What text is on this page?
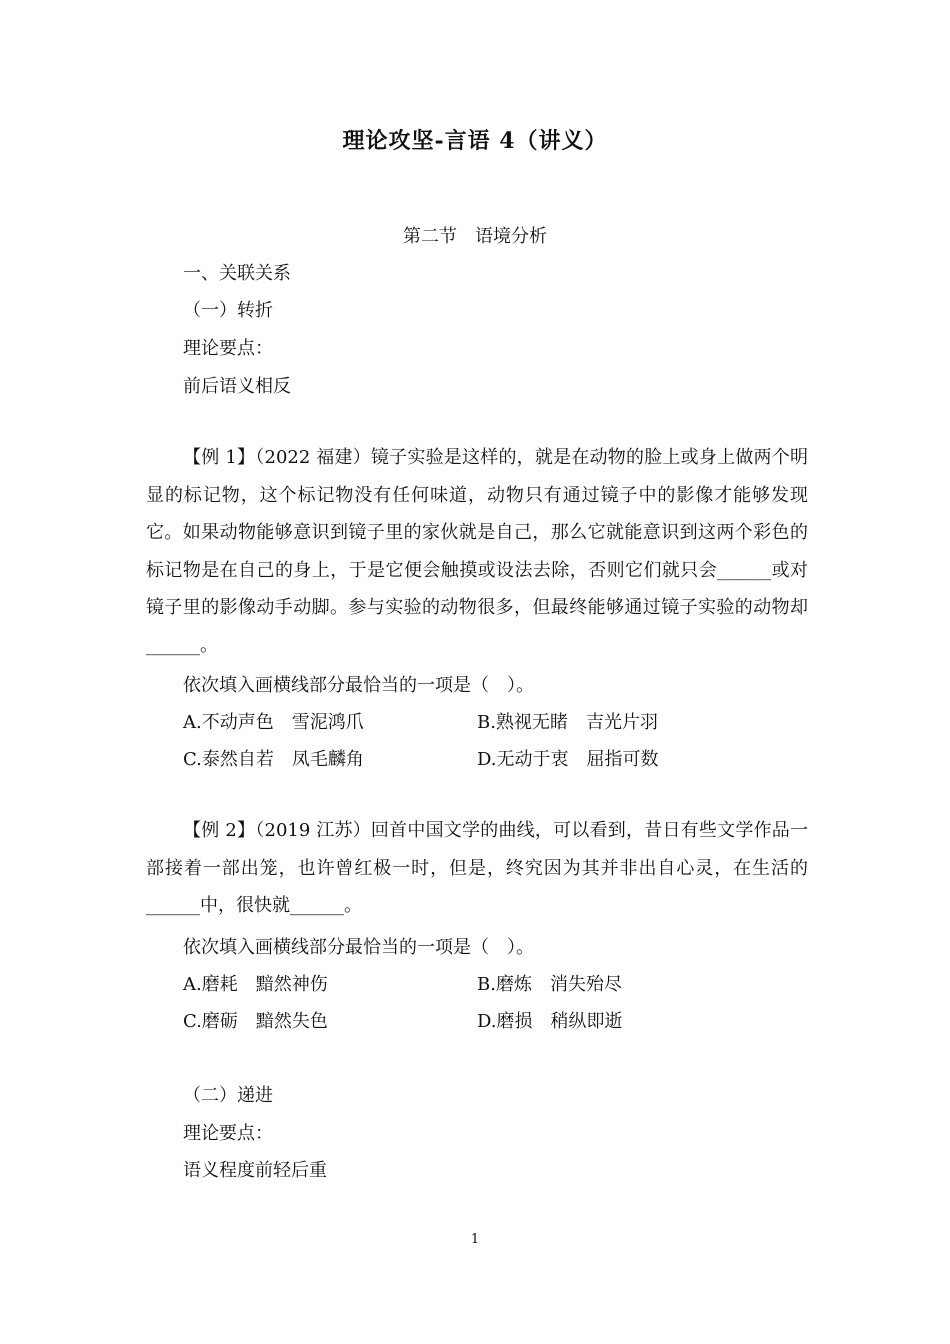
理论攻坚-言语 4（讲义）
第二节　语境分析
一、关联关系
（一）转折
理论要点：
前后语义相反
【例 1】（2022 福建）镜子实验是这样的，就是在动物的脸上或身上做两个明显的标记物，这个标记物没有任何味道，动物只有通过镜子中的影像才能够发现它。如果动物能够意识到镜子里的家伙就是自己，那么它就能意识到这两个彩色的标记物是在自己的身上，于是它便会触摸或设法去除，否则它们就只会______或对镜子里的影像动手动脚。参与实验的动物很多，但最终能够通过镜子实验的动物却______。
依次填入画横线部分最恰当的一项是（　）。
A.不动声色　雪泥鸿爪	B.熟视无睹　吉光片羽
C.泰然自若　凤毛麟角	D.无动于衷　屈指可数
【例 2】（2019 江苏）回首中国文学的曲线，可以看到，昔日有些文学作品一部接着一部出笼，也许曾红极一时，但是，终究因为其并非出自心灵，在生活的______中，很快就______。
依次填入画横线部分最恰当的一项是（　）。
A.磨耗　黯然神伤	B.磨炼　消失殆尽
C.磨砺　黯然失色	D.磨损　稍纵即逝
（二）递进
理论要点：
语义程度前轻后重
1
